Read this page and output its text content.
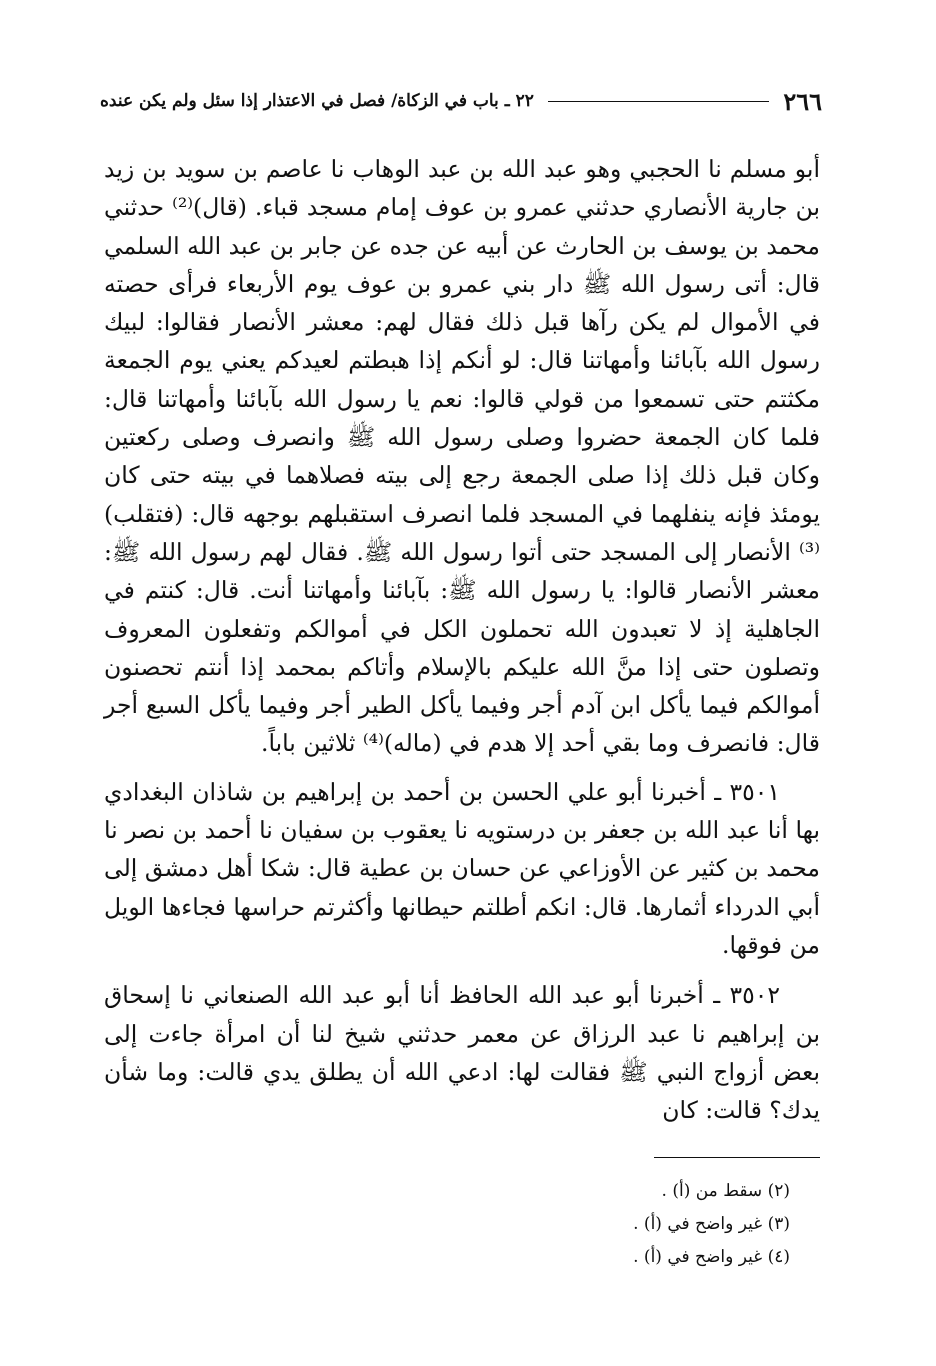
٢٦٦
٢٢ ـ باب في الزكاة/ فصل في الاعتذار إذا سئل ولم يكن عنده

أبو مسلم نا الحجبي وهو عبد الله بن عبد الوهاب نا عاصم بن سويد بن زيد بن جارية الأنصاري حدثني عمرو بن عوف إمام مسجد قباء. (قال)⁽²⁾ حدثني محمد بن يوسف بن الحارث عن أبيه عن جده عن جابر بن عبد الله السلمي قال: أتى رسول الله ﷺ دار بني عمرو بن عوف يوم الأربعاء فرأى حصته في الأموال لم يكن رآها قبل ذلك فقال لهم: معشر الأنصار فقالوا: لبيك رسول الله بآبائنا وأمهاتنا قال: لو أنكم إذا هبطتم لعيدكم يعني يوم الجمعة مكثتم حتى تسمعوا من قولي قالوا: نعم يا رسول الله بآبائنا وأمهاتنا قال: فلما كان الجمعة حضروا وصلى رسول الله ﷺ وانصرف وصلى ركعتين وكان قبل ذلك إذا صلى الجمعة رجع إلى بيته فصلاهما في بيته حتى كان يومئذ فإنه ينفلهما في المسجد فلما انصرف استقبلهم بوجهه قال: (فتقلب)⁽³⁾ الأنصار إلى المسجد حتى أتوا رسول الله ﷺ. فقال لهم رسول الله ﷺ: معشر الأنصار قالوا: يا رسول الله ﷺ: بآبائنا وأمهاتنا أنت. قال: كنتم في الجاهلية إذ لا تعبدون الله تحملون الكل في أموالكم وتفعلون المعروف وتصلون حتى إذا منَّ الله عليكم بالإسلام وأتاكم بمحمد إذا أنتم تحصنون أموالكم فيما يأكل ابن آدم أجر وفيما يأكل الطير أجر وفيما يأكل السبع أجر قال: فانصرف وما بقي أحد إلا هدم في (ماله)⁽⁴⁾ ثلاثين باباً.

٣٥٠١ ـ أخبرنا أبو علي الحسن بن أحمد بن إبراهيم بن شاذان البغدادي بها أنا عبد الله بن جعفر بن درستويه نا يعقوب بن سفيان نا أحمد بن نصر نا محمد بن كثير عن الأوزاعي عن حسان بن عطية قال: شكا أهل دمشق إلى أبي الدرداء أثمارها. قال: انكم أطلتم حيطانها وأكثرتم حراسها فجاءها الويل من فوقها.

٣٥٠٢ ـ أخبرنا أبو عبد الله الحافظ أنا أبو عبد الله الصنعاني نا إسحاق بن إبراهيم نا عبد الرزاق عن معمر حدثني شيخ لنا أن امرأة جاءت إلى بعض أزواج النبي ﷺ فقالت لها: ادعي الله أن يطلق يدي قالت: وما شأن يدك؟ قالت: كان

(٢) سقط من (أ) .
(٣) غير واضح في (أ) .
(٤) غير واضح في (أ) .
